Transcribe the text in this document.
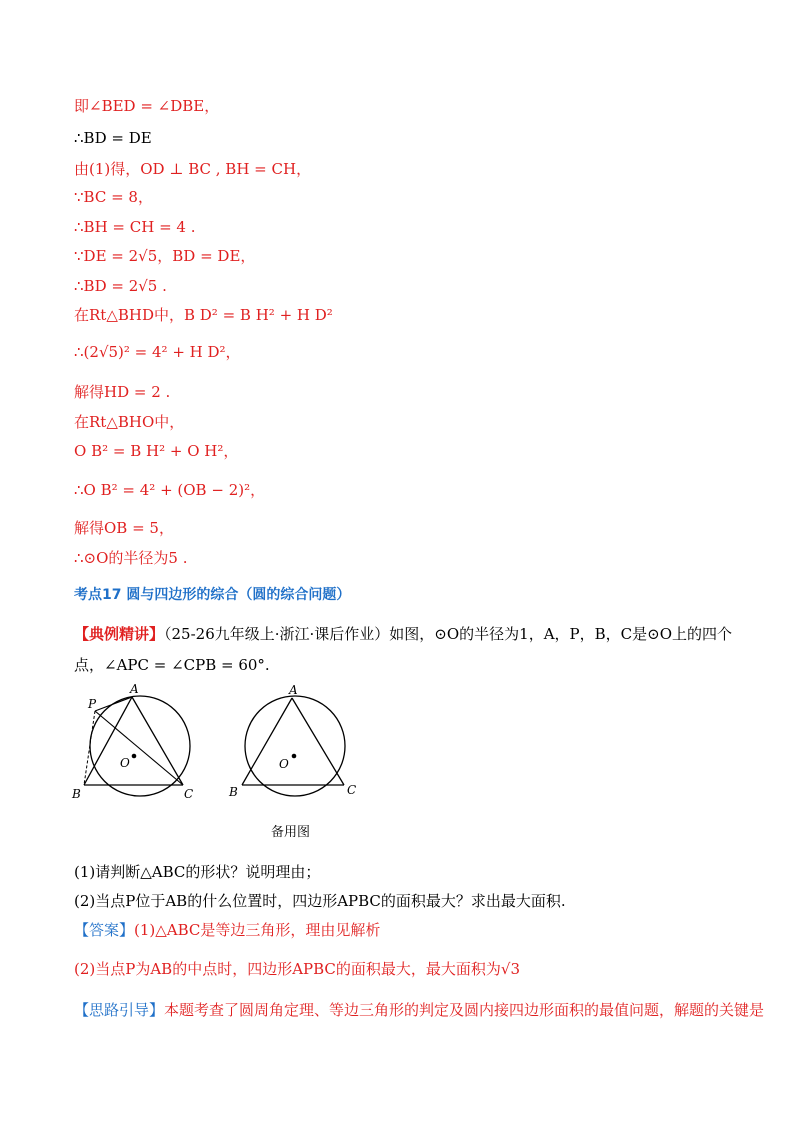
即∠BED = ∠DBE，
∴BD = DE
由(1)得，OD ⊥ BC , BH = CH，
∵BC = 8，
∴BH = CH = 4 .
∵DE = 2√5，BD = DE，
∴BD = 2√5 .
在Rt△BHD中，B D² = B H² + H D²
∴(2√5)² = 4² + H D²，
解得HD = 2 .
在Rt△BHO中，
O B² = B H² + O H²，
∴O B² = 4² + (OB − 2)²，
解得OB = 5，
∴⊙O的半径为5 .
考点17 圆与四边形的综合（圆的综合问题）
【典例精讲】（25-26九年级上·浙江·课后作业）如图，⊙O的半径为1，A，P，B，C是⊙O上的四个
点，∠APC = ∠CPB = 60°.
P
A
O
B	C
A
O
B	C
备用图
(1)请判断△ABC的形状？说明理由；
(2)当点P位于AB的什么位置时，四边形APBC的面积最大？求出最大面积.
【答案】(1)△ABC是等边三角形，理由见解析
(2)当点P为AB的中点时，四边形APBC的面积最大，最大面积为√3
【思路引导】本题考查了圆周角定理、等边三角形的判定及圆内接四边形面积的最值问题，解题的关键是
